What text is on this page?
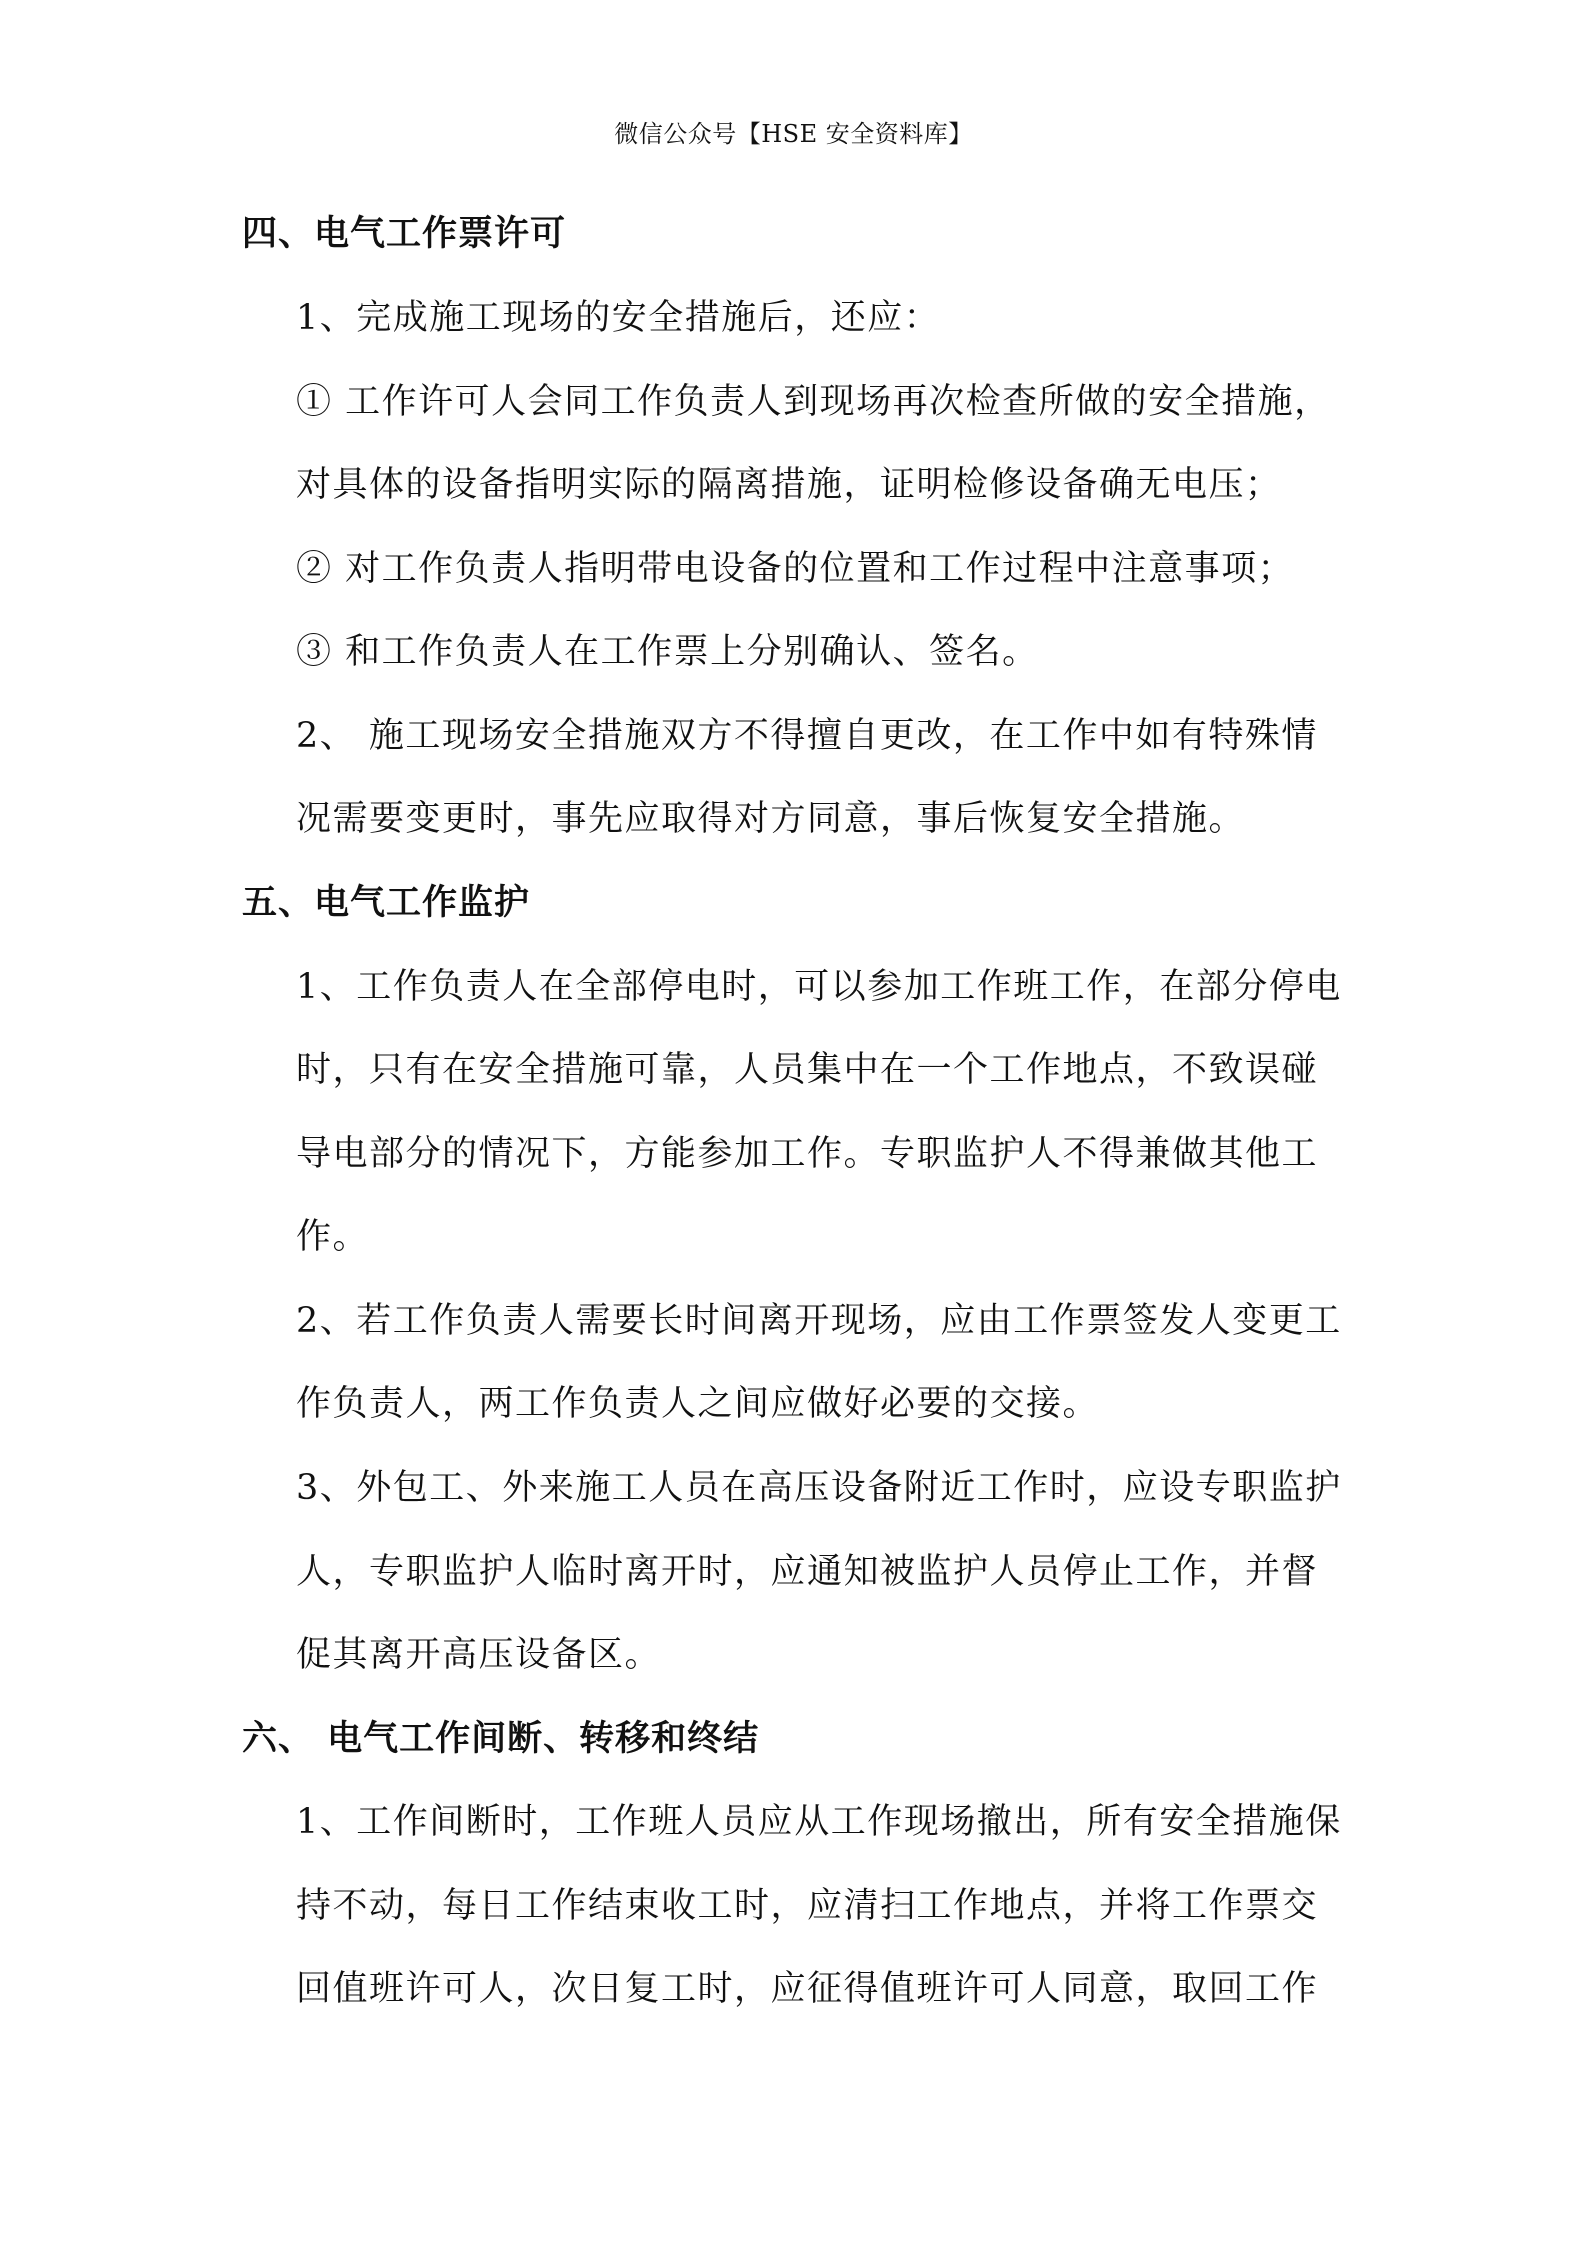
微信公众号【HSE 安全资料库】
四、电气工作票许可
1、完成施工现场的安全措施后，还应：
① 工作许可人会同工作负责人到现场再次检查所做的安全措施，
对具体的设备指明实际的隔离措施，证明检修设备确无电压；
② 对工作负责人指明带电设备的位置和工作过程中注意事项；
③ 和工作负责人在工作票上分别确认、签名。
2、 施工现场安全措施双方不得擅自更改，在工作中如有特殊情
况需要变更时，事先应取得对方同意，事后恢复安全措施。
五、电气工作监护
1、工作负责人在全部停电时，可以参加工作班工作，在部分停电
时，只有在安全措施可靠，人员集中在一个工作地点，不致误碰
导电部分的情况下，方能参加工作。专职监护人不得兼做其他工
作。
2、若工作负责人需要长时间离开现场，应由工作票签发人变更工
作负责人，两工作负责人之间应做好必要的交接。
3、外包工、外来施工人员在高压设备附近工作时，应设专职监护
人，专职监护人临时离开时，应通知被监护人员停止工作，并督
促其离开高压设备区。
六、 电气工作间断、转移和终结
1、工作间断时，工作班人员应从工作现场撤出，所有安全措施保
持不动，每日工作结束收工时，应清扫工作地点，并将工作票交
回值班许可人，次日复工时，应征得值班许可人同意，取回工作
